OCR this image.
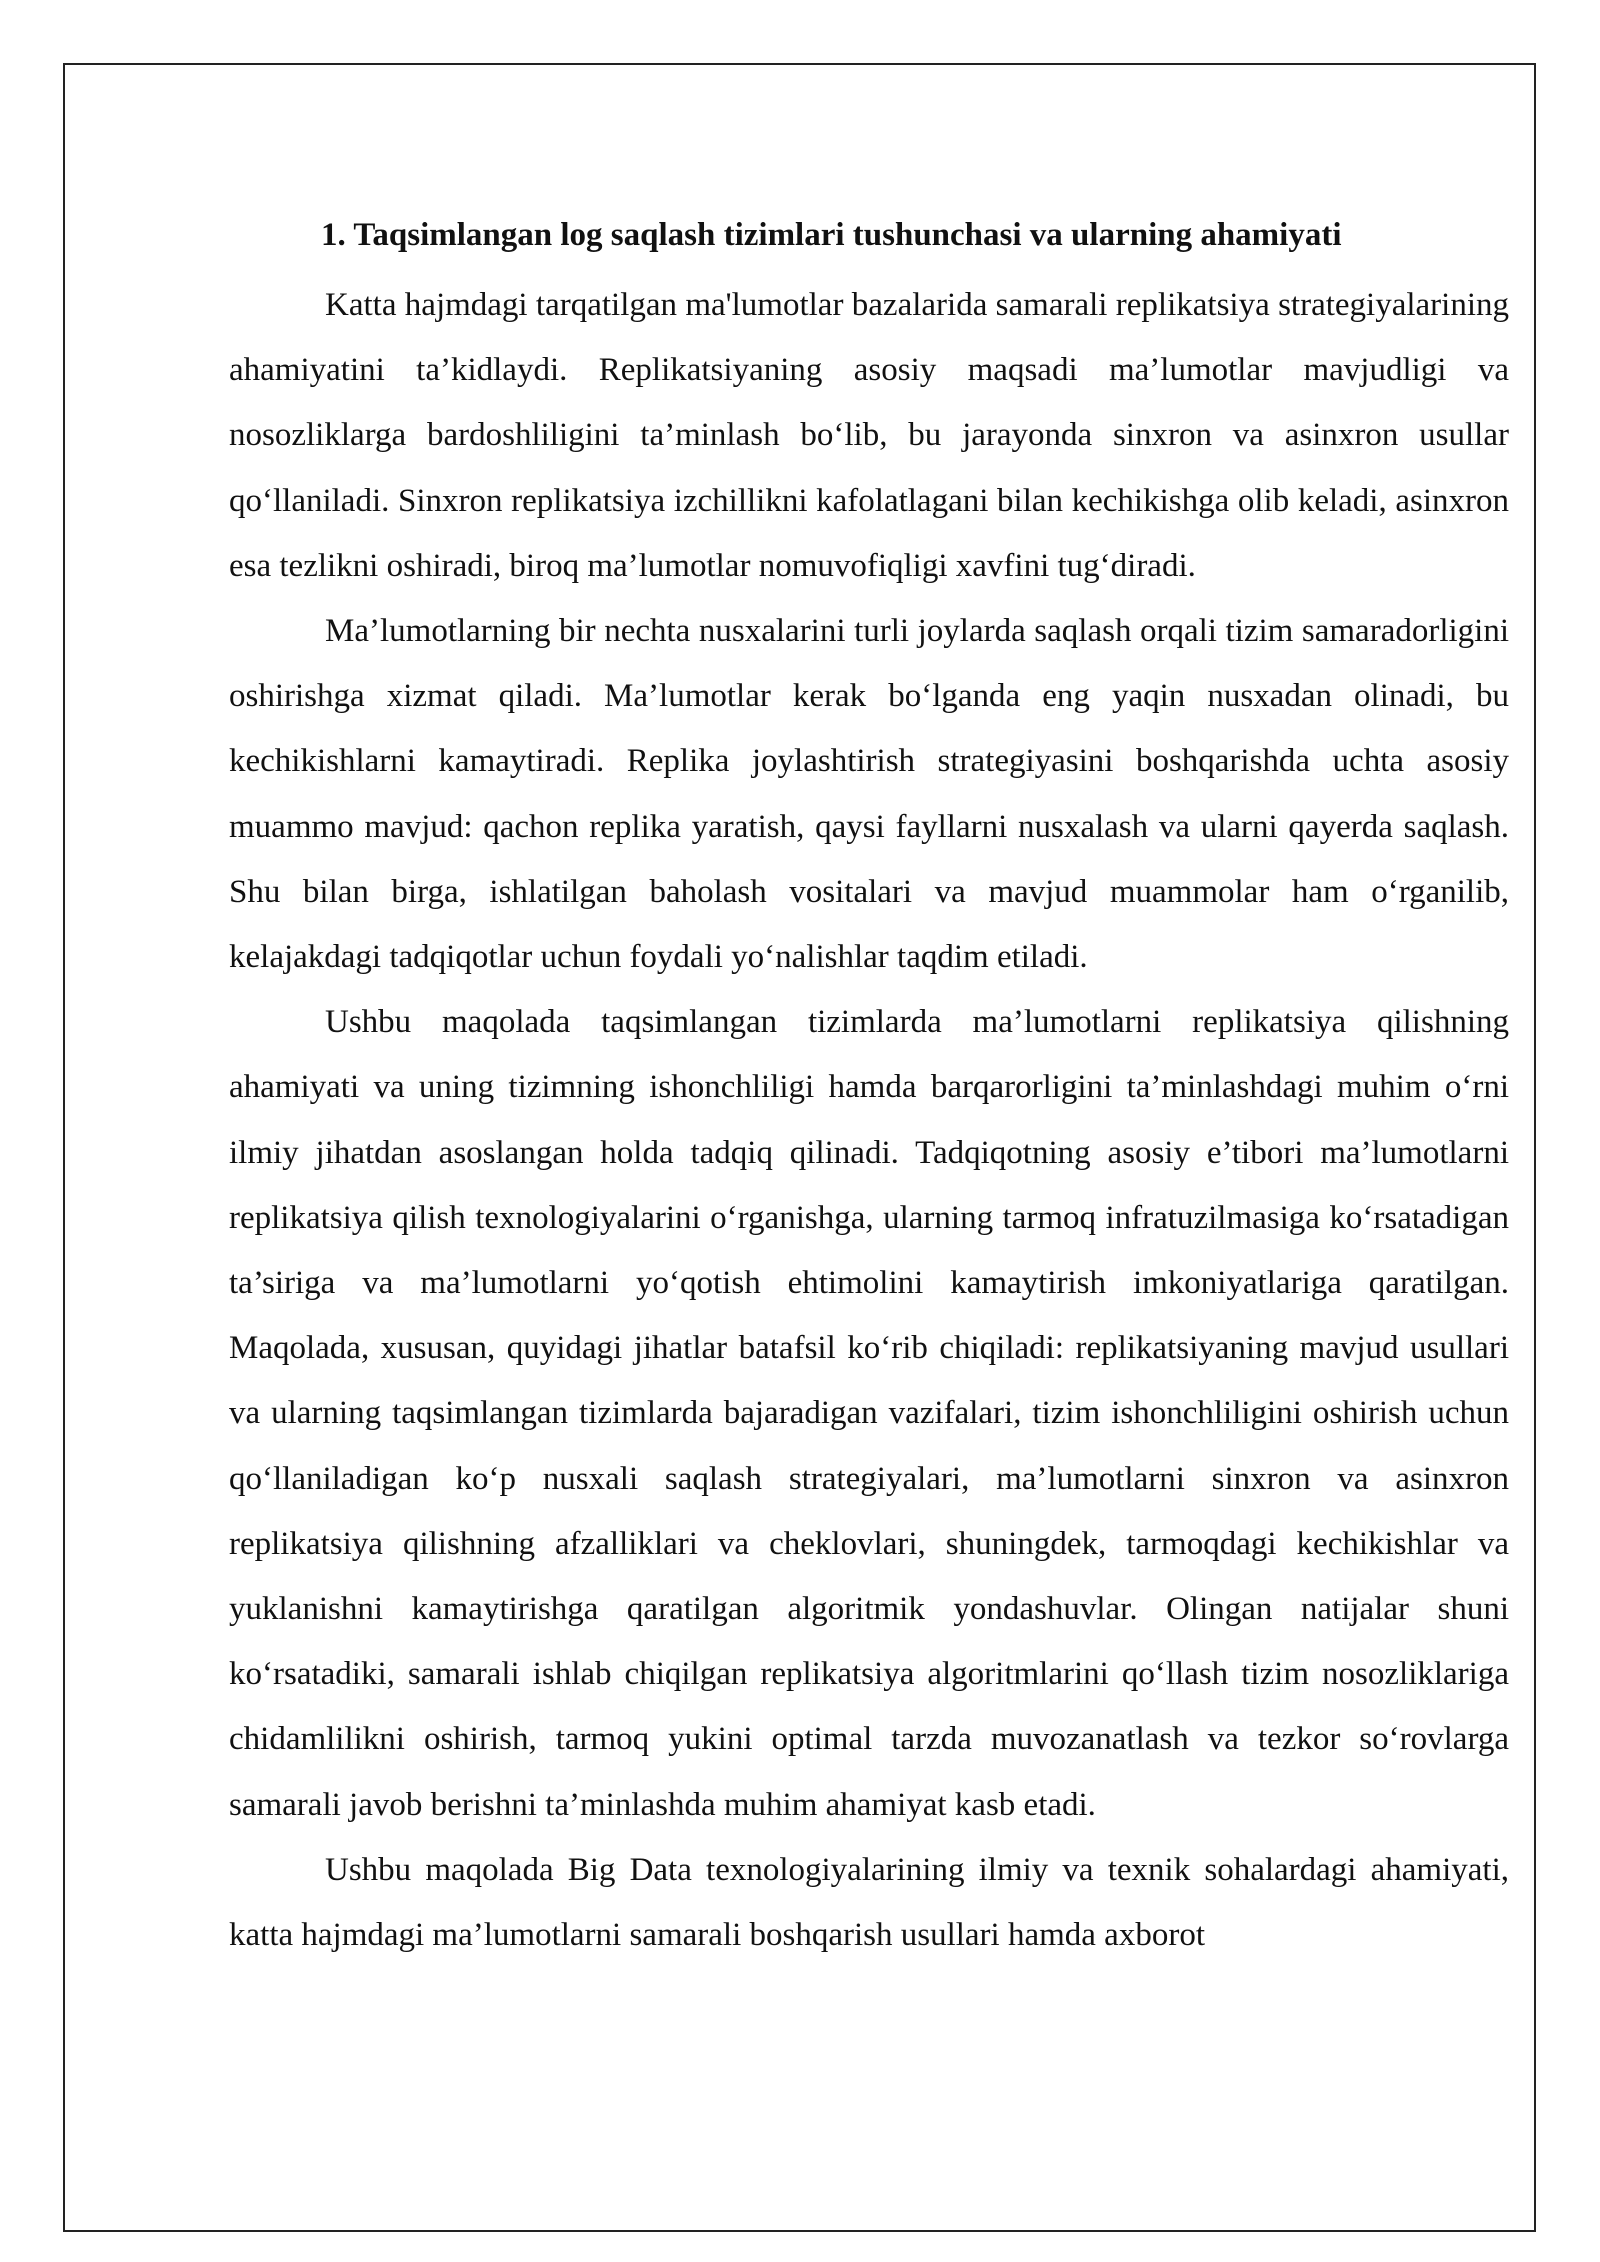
1. Taqsimlangan log saqlash tizimlari tushunchasi va ularning ahamiyati

Katta hajmdagi tarqatilgan ma'lumotlar bazalarida samarali replikatsiya strategiyalarining ahamiyatini ta’kidlaydi. Replikatsiyaning asosiy maqsadi ma’lumotlar mavjudligi va nosozliklarga bardoshliligini ta’minlash bo‘lib, bu jarayonda sinxron va asinxron usullar qo‘llaniladi. Sinxron replikatsiya izchillikni kafolatlagani bilan kechikishga olib keladi, asinxron esa tezlikni oshiradi, biroq ma’lumotlar nomuvofiqligi xavfini tug‘diradi.

Ma’lumotlarning bir nechta nusxalarini turli joylarda saqlash orqali tizim samaradorligini oshirishga xizmat qiladi. Ma’lumotlar kerak bo‘lganda eng yaqin nusxadan olinadi, bu kechikishlarni kamaytiradi. Replika joylashtirish strategiyasini boshqarishda uchta asosiy muammo mavjud: qachon replika yaratish, qaysi fayllarni nusxalash va ularni qayerda saqlash. Shu bilan birga, ishlatilgan baholash vositalari va mavjud muammolar ham o‘rganilib, kelajakdagi tadqiqotlar uchun foydali yo‘nalishlar taqdim etiladi.

Ushbu maqolada taqsimlangan tizimlarda ma’lumotlarni replikatsiya qilishning ahamiyati va uning tizimning ishonchliligi hamda barqarorligini ta’minlashdagi muhim o‘rni ilmiy jihatdan asoslangan holda tadqiq qilinadi. Tadqiqotning asosiy e’tibori ma’lumotlarni replikatsiya qilish texnologiyalarini o‘rganishga, ularning tarmoq infratuzilmasiga ko‘rsatadigan ta’siriga va ma’lumotlarni yo‘qotish ehtimolini kamaytirish imkoniyatlariga qaratilgan. Maqolada, xususan, quyidagi jihatlar batafsil ko‘rib chiqiladi: replikatsiyaning mavjud usullari va ularning taqsimlangan tizimlarda bajaradigan vazifalari, tizim ishonchliligini oshirish uchun qo‘llaniladigan ko‘p nusxali saqlash strategiyalari, ma’lumotlarni sinxron va asinxron replikatsiya qilishning afzalliklari va cheklovlari, shuningdek, tarmoqdagi kechikishlar va yuklanishni kamaytirishga qaratilgan algoritmik yondashuvlar. Olingan natijalar shuni ko‘rsatadiki, samarali ishlab chiqilgan replikatsiya algoritmlarini qo‘llash tizim nosozliklariga chidamlilikni oshirish, tarmoq yukini optimal tarzda muvozanatlash va tezkor so‘rovlarga samarali javob berishni ta’minlashda muhim ahamiyat kasb etadi.

Ushbu maqolada Big Data texnologiyalarining ilmiy va texnik sohalardagi ahamiyati, katta hajmdagi ma’lumotlarni samarali boshqarish usullari hamda axborot
